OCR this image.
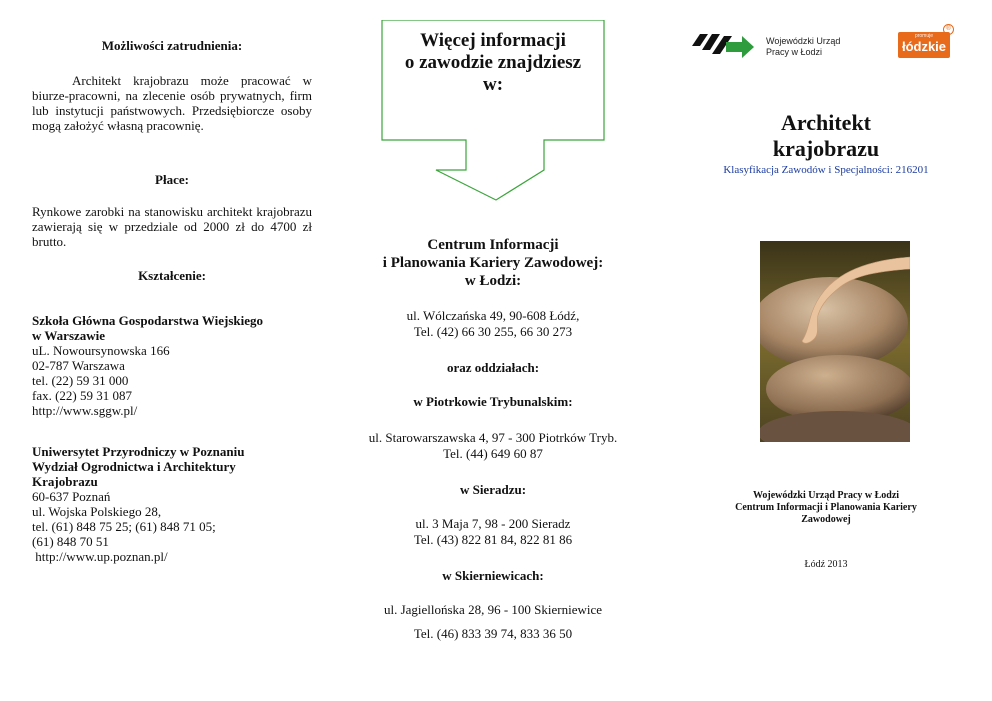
Możliwości zatrudnienia:
Architekt krajobrazu może pracować w biurze-pracowni, na zlecenie osób prywatnych, firm lub instytucji państwowych. Przedsiębiorcze osoby mogą założyć własną pracownię.
Płace:
Rynkowe zarobki na stanowisku architekt krajobrazu zawierają się w przedziale od 2000 zł do 4700 zł brutto.
Kształcenie:
Szkoła Główna Gospodarstwa Wiejskiego
w Warszawie
uL. Nowoursynowska 166
02-787 Warszawa
tel. (22) 59 31 000
fax. (22) 59 31 087
http://www.sggw.pl/
Uniwersytet Przyrodniczy w Poznaniu
Wydział Ogrodnictwa i Architektury
Krajobrazu
60-637 Poznań
ul. Wojska Polskiego 28,
tel. (61) 848 75 25; (61) 848 71 05;
(61) 848 70 51
http://www.up.poznan.pl/
Więcej informacji
o zawodzie znajdziesz
w:
Centrum Informacji
i Planowania Kariery Zawodowej:
w Łodzi:
ul. Wólczańska 49, 90-608 Łódź,
Tel. (42) 66 30 255, 66 30 273
oraz oddziałach:
w Piotrkowie Trybunalskim:
ul. Starowarszawska 4, 97 - 300 Piotrków Tryb.
Tel. (44) 649 60 87
w Sieradzu:
ul. 3 Maja 7, 98 - 200 Sieradz
Tel. (43) 822 81 84, 822 81 86
w Skierniewicach:
ul. Jagiellońska 28, 96 - 100 Skierniewice
Tel. (46) 833 39 74, 833 36 50
Wojewódzki Urząd
Pracy w Łodzi
promuje
łódzkie
®
Architekt
krajobrazu
Klasyfikacja Zawodów i Specjalności: 216201
Wojewódzki Urząd Pracy w Łodzi
Centrum Informacji i Planowania Kariery
Zawodowej
Łódź 2013
